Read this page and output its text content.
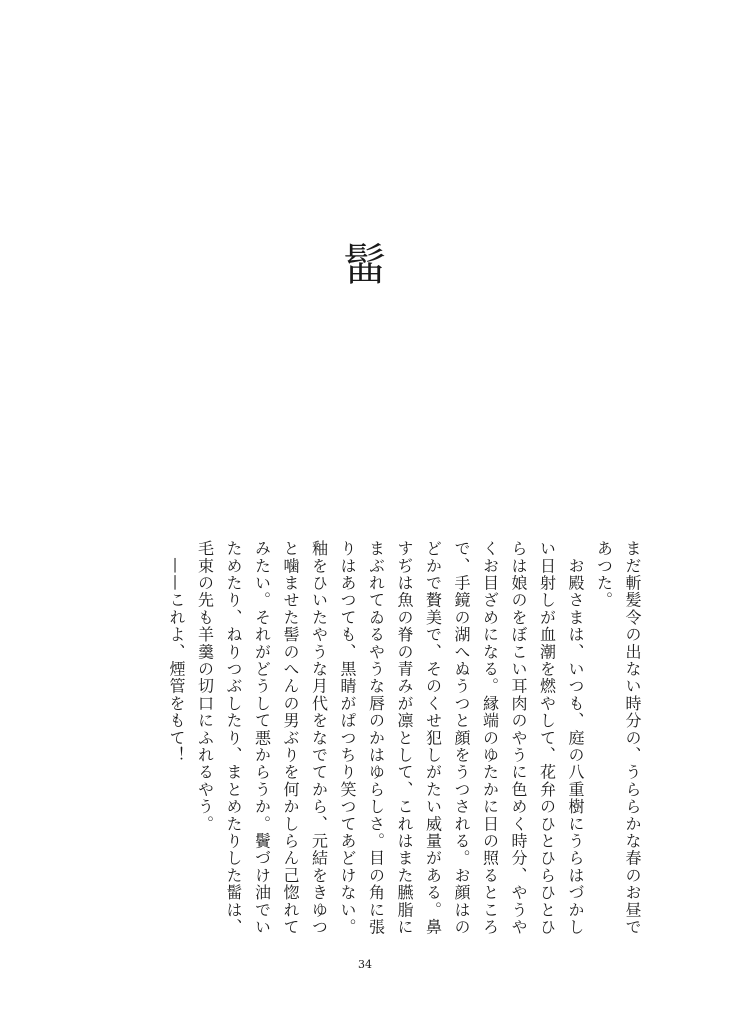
髷

まだ斬髪令の出ない時分の、うららかな春のお昼であつた。

　お殿さまは、いつも、庭の八重樹にうらはづかしい日射しが血潮を燃やして、花弁のひとひらひとひらは娘のをぼこい耳肉のやうに色めく時分、やうやくお目ざめになる。縁端のゆたかに日の照るところで、手鏡の湖へぬうつと顔をうつされる。お顔はのどかで贅美で、そのくせ犯しがたい威量がある。鼻すぢは魚の脊の青みが凛として、これはまた臙脂にまぶれてゐるやうな唇のかはゆらしさ。目の角に張りはあつても、黒睛がぱつちり笑つてあどけない。釉をひいたやうな月代をなでてから、元結をきゆつと噛ませた髻のへんの男ぶりを何かしらん己惚れてみたい。それがどうして悪からうか。鬢づけ油でいためたり、ねりつぶしたり、まとめたりした髷は、毛束の先も羊羹の切口にふれるやう。

　——これよ、煙管をもて！

34
